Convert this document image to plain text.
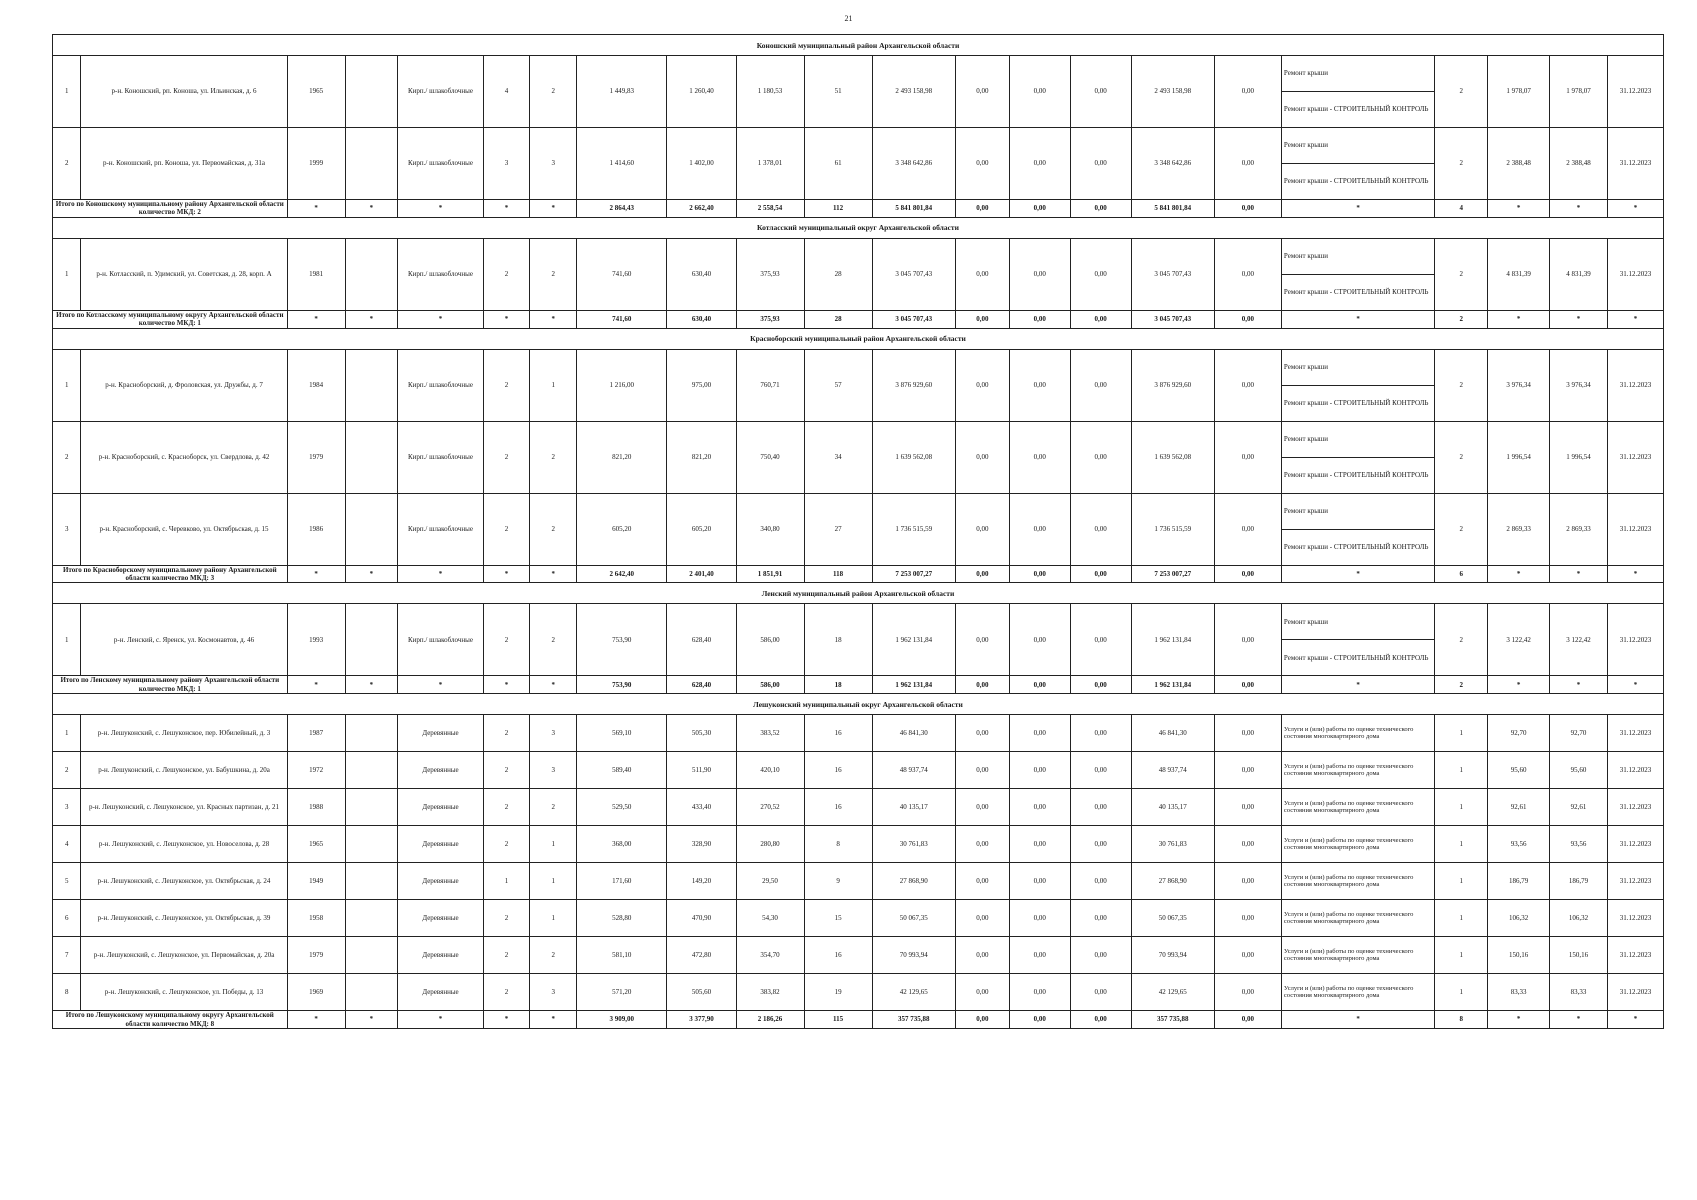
21
Коношский муниципальный район Архангельской области																					
1	р-н. Коношский, рп. Коноша, ул. Ильинская, д. 6	1965		Кирп./ шлакоблочные	4	2	1 449,83	1 260,40	1 180,53	51	2 493 158,98	0,00	0,00	0,00	2 493 158,98	0,00	Ремонт крыши	2	1 978,07	1 978,07	31.12.2023
																	Ремонт крыши - СТРОИТЕЛЬНЫЙ КОНТРОЛЬ				
2	р-н. Коношский, рп. Коноша, ул. Первомайская, д. 31а	1999		Кирп./ шлакоблочные	3	3	1 414,60	1 402,00	1 378,01	61	3 348 642,86	0,00	0,00	0,00	3 348 642,86	0,00	Ремонт крыши	2	2 388,48	2 388,48	31.12.2023
																	Ремонт крыши - СТРОИТЕЛЬНЫЙ КОНТРОЛЬ				
Итого по Коношскому муниципальному району Архангельской области количество МКД: 2		*	*	*	*	*	2 864,43	2 662,40	2 558,54	112	5 841 801,84	0,00	0,00	0,00	5 841 801,84	0,00	*	4	*	*	*
Котласский муниципальный округ Архангельской области																					
1	р-н. Котласский, п. Удимский, ул. Советская, д. 28, корп. А	1981		Кирп./ шлакоблочные	2	2	741,60	630,40	375,93	28	3 045 707,43	0,00	0,00	0,00	3 045 707,43	0,00	Ремонт крыши	2	4 831,39	4 831,39	31.12.2023
																	Ремонт крыши - СТРОИТЕЛЬНЫЙ КОНТРОЛЬ				
Итого по Котласскому муниципальному округу Архангельской области количество МКД: 1		*	*	*	*	*	741,60	630,40	375,93	28	3 045 707,43	0,00	0,00	0,00	3 045 707,43	0,00	*	2	*	*	*
Красноборский муниципальный район Архангельской области																					
1	р-н. Красноборский, д. Фроловская, ул. Дружбы, д. 7	1984		Кирп./ шлакоблочные	2	1	1 216,00	975,00	760,71	57	3 876 929,60	0,00	0,00	0,00	3 876 929,60	0,00	Ремонт крыши	2	3 976,34	3 976,34	31.12.2023
																	Ремонт крыши - СТРОИТЕЛЬНЫЙ КОНТРОЛЬ				
2	р-н. Красноборский, с. Красноборск, ул. Свердлова, д. 42	1979		Кирп./ шлакоблочные	2	2	821,20	821,20	750,40	34	1 639 562,08	0,00	0,00	0,00	1 639 562,08	0,00	Ремонт крыши	2	1 996,54	1 996,54	31.12.2023
																	Ремонт крыши - СТРОИТЕЛЬНЫЙ КОНТРОЛЬ				
3	р-н. Красноборский, с. Черевково, ул. Октябрьская, д. 15	1986		Кирп./ шлакоблочные	2	2	605,20	605,20	340,80	27	1 736 515,59	0,00	0,00	0,00	1 736 515,59	0,00	Ремонт крыши	2	2 869,33	2 869,33	31.12.2023
																	Ремонт крыши - СТРОИТЕЛЬНЫЙ КОНТРОЛЬ				
Итого по Красноборскому муниципальному району Архангельской области количество МКД: 3		*	*	*	*	*	2 642,40	2 401,40	1 851,91	118	7 253 007,27	0,00	0,00	0,00	7 253 007,27	0,00	*	6	*	*	*
Ленский муниципальный район Архангельской области																					
1	р-н. Ленский, с. Яренск, ул. Космонавтов, д. 46	1993		Кирп./ шлакоблочные	2	2	753,90	628,40	586,00	18	1 962 131,84	0,00	0,00	0,00	1 962 131,84	0,00	Ремонт крыши	2	3 122,42	3 122,42	31.12.2023
																	Ремонт крыши - СТРОИТЕЛЬНЫЙ КОНТРОЛЬ				
Итого по Ленскому муниципальному району Архангельской области количество МКД: 1		*	*	*	*	*	753,90	628,40	586,00	18	1 962 131,84	0,00	0,00	0,00	1 962 131,84	0,00	*	2	*	*	*
Лешуконский муниципальный округ Архангельской области																					
1	р-н. Лешуконский, с. Лешуконское, пер. Юбилейный, д. 3	1987		Деревянные	2	3	569,10	505,30	383,52	16	46 841,30	0,00	0,00	0,00	46 841,30	0,00	Услуги и (или) работы по оценке технического состояния многоквартирного дома	1	92,70	92,70	31.12.2023
2	р-н. Лешуконский, с. Лешуконское, ул. Бабушкина, д. 20а	1972		Деревянные	2	3	589,40	511,90	420,10	16	48 937,74	0,00	0,00	0,00	48 937,74	0,00	Услуги и (или) работы по оценке технического состояния многоквартирного дома	1	95,60	95,60	31.12.2023
3	р-н. Лешуконский, с. Лешуконское, ул. Красных партизан, д. 21	1988		Деревянные	2	2	529,50	433,40	270,52	16	40 135,17	0,00	0,00	0,00	40 135,17	0,00	Услуги и (или) работы по оценке технического состояния многоквартирного дома	1	92,61	92,61	31.12.2023
4	р-н. Лешуконский, с. Лешуконское, ул. Новоселова, д. 28	1965		Деревянные	2	1	368,00	328,90	280,80	8	30 761,83	0,00	0,00	0,00	30 761,83	0,00	Услуги и (или) работы по оценке технического состояния многоквартирного дома	1	93,56	93,56	31.12.2023
5	р-н. Лешуконский, с. Лешуконское, ул. Октябрьская, д. 24	1949		Деревянные	1	1	171,60	149,20	29,50	9	27 868,90	0,00	0,00	0,00	27 868,90	0,00	Услуги и (или) работы по оценке технического состояния многоквартирного дома	1	186,79	186,79	31.12.2023
6	р-н. Лешуконский, с. Лешуконское, ул. Октябрьская, д. 39	1958		Деревянные	2	1	528,80	470,90	54,30	15	50 067,35	0,00	0,00	0,00	50 067,35	0,00	Услуги и (или) работы по оценке технического состояния многоквартирного дома	1	106,32	106,32	31.12.2023
7	р-н. Лешуконский, с. Лешуконское, ул. Первомайская, д. 20а	1979		Деревянные	2	2	581,10	472,80	354,70	16	70 993,94	0,00	0,00	0,00	70 993,94	0,00	Услуги и (или) работы по оценке технического состояния многоквартирного дома	1	150,16	150,16	31.12.2023
8	р-н. Лешуконский, с. Лешуконское, ул. Победы, д. 13	1969		Деревянные	2	3	571,20	505,60	383,82	19	42 129,65	0,00	0,00	0,00	42 129,65	0,00	Услуги и (или) работы по оценке технического состояния многоквартирного дома	1	83,33	83,33	31.12.2023
Итого по Лешуконскому муниципальному округу Архангельской области количество МКД: 8		*	*	*	*	*	3 909,00	3 377,90	2 186,26	115	357 735,88	0,00	0,00	0,00	357 735,88	0,00	*	8	*	*	*
